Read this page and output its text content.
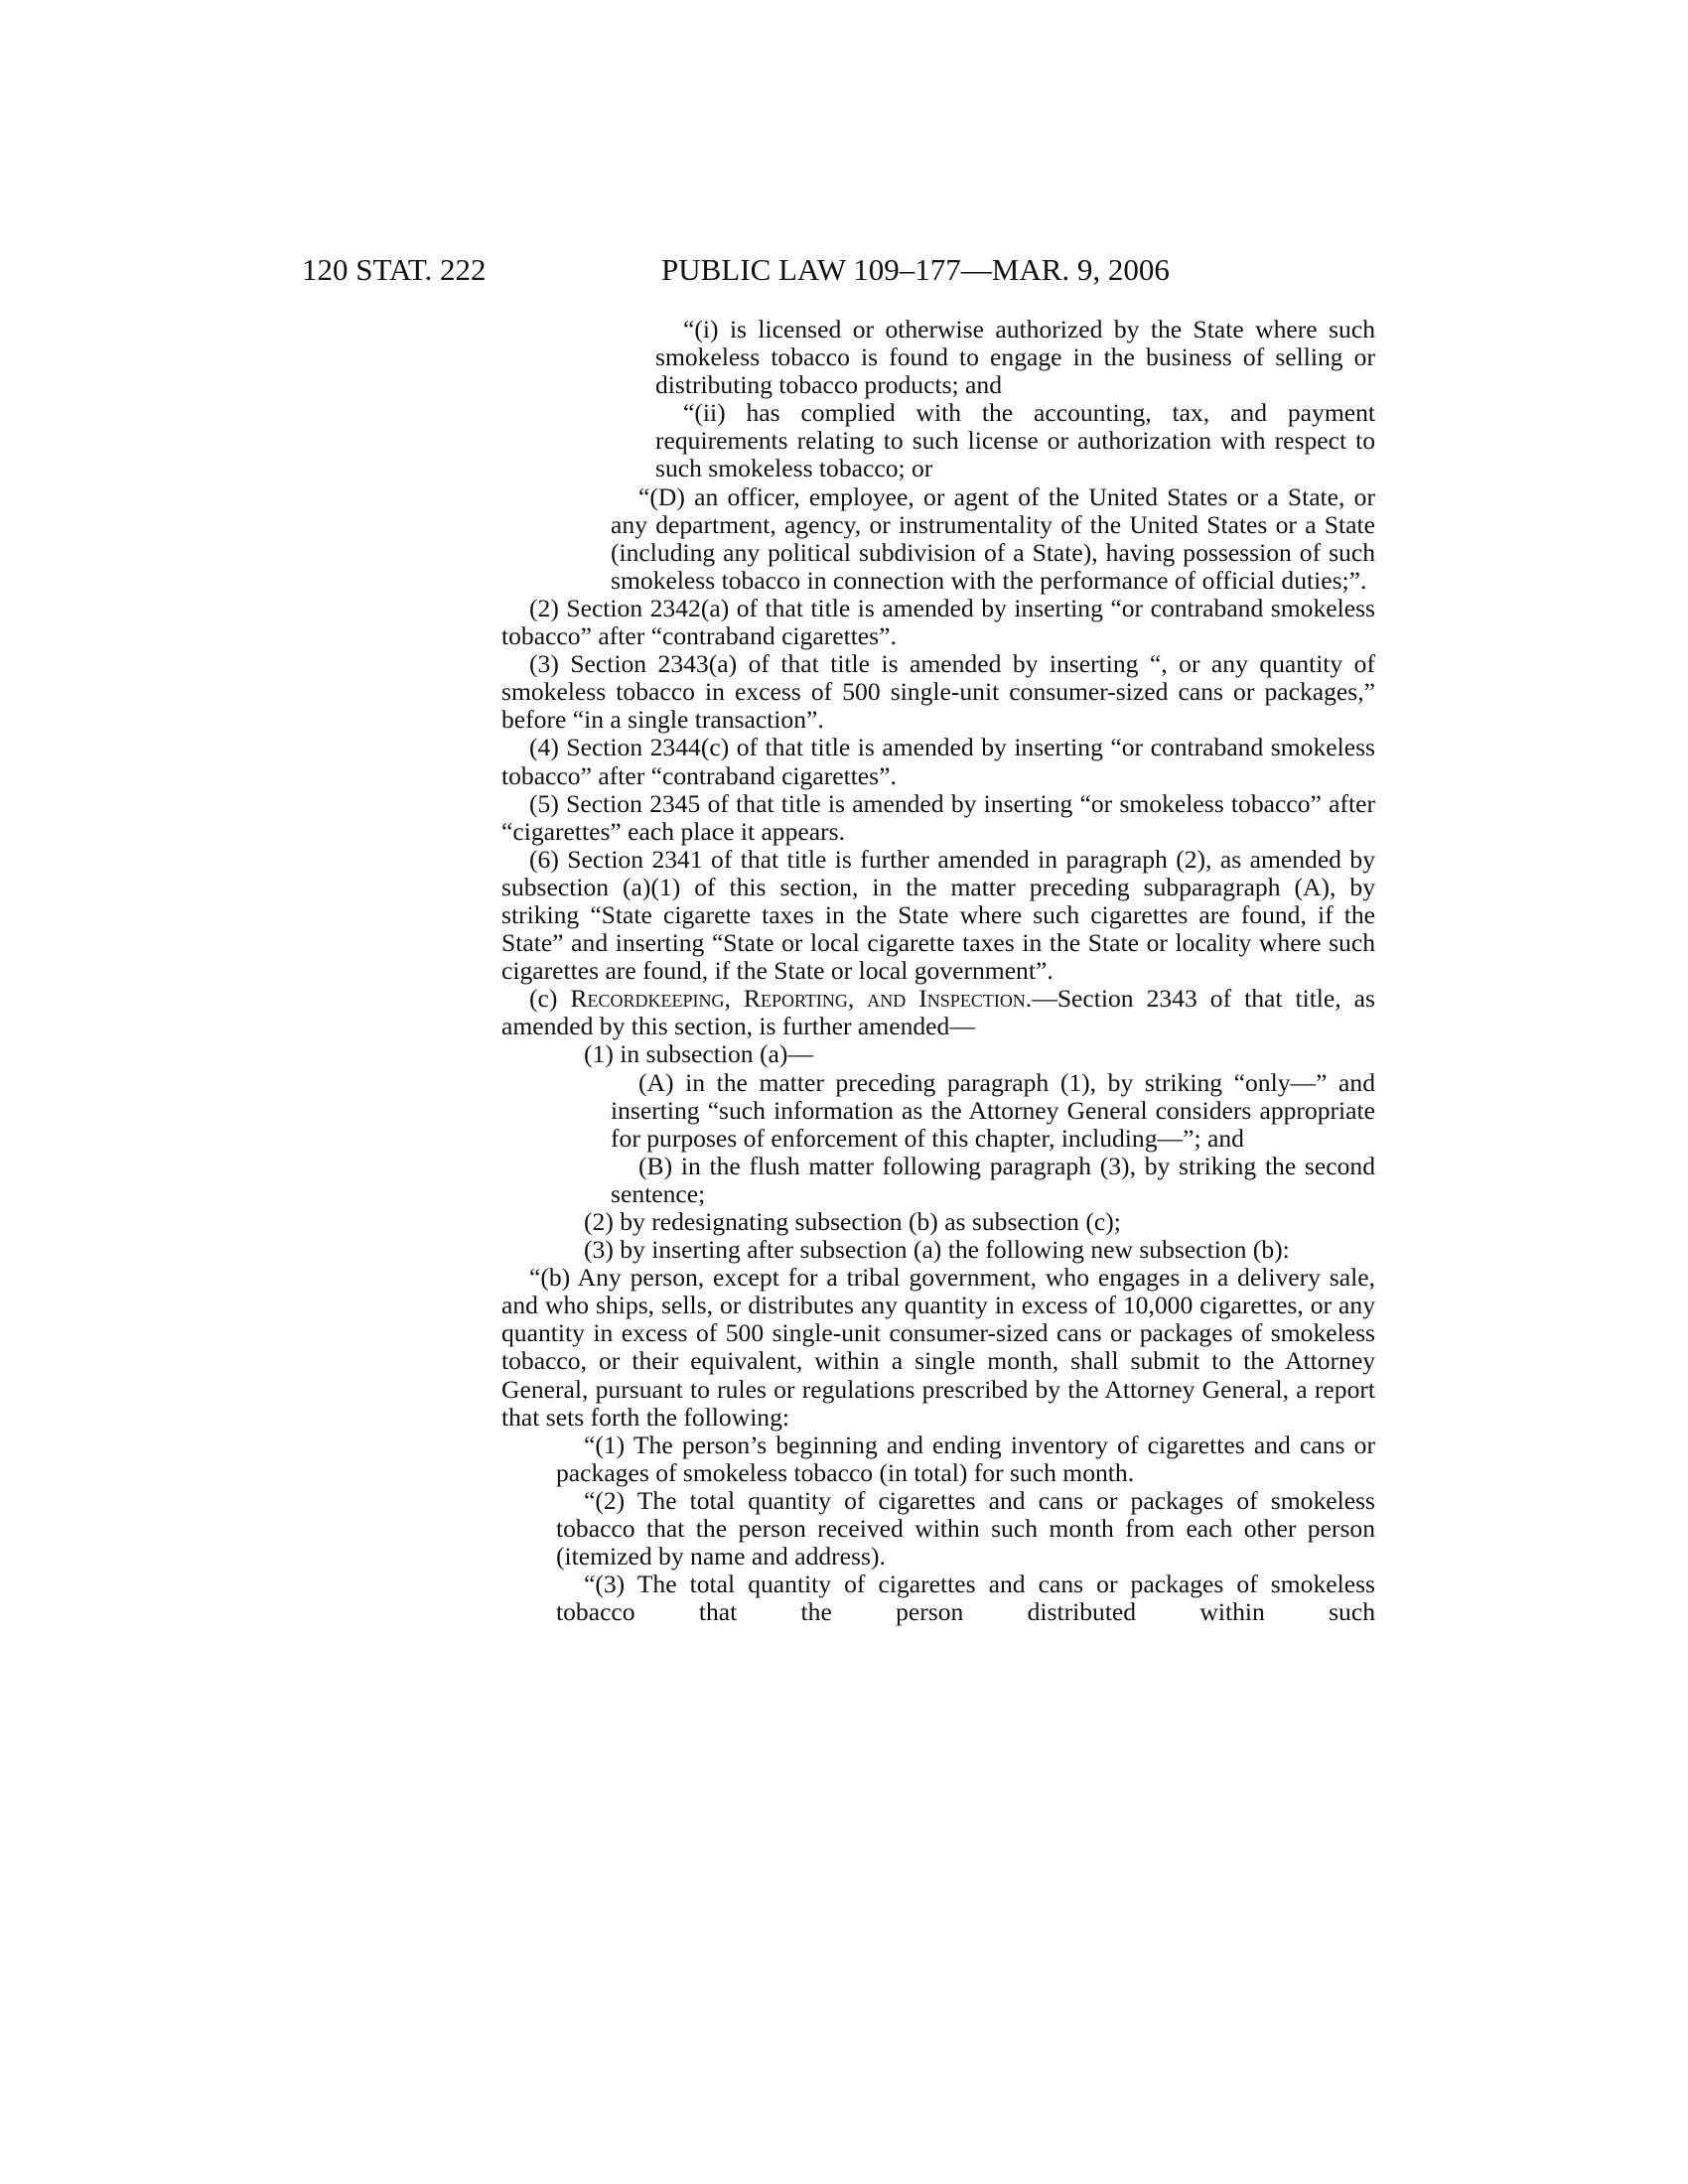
120 STAT. 222	PUBLIC LAW 109–177—MAR. 9, 2006

“(i) is licensed or otherwise authorized by the State where such smokeless tobacco is found to engage in the business of selling or distributing tobacco products; and

“(ii) has complied with the accounting, tax, and payment requirements relating to such license or authorization with respect to such smokeless tobacco; or

“(D) an officer, employee, or agent of the United States or a State, or any department, agency, or instrumentality of the United States or a State (including any political subdivision of a State), having possession of such smokeless tobacco in connection with the performance of official duties;”.

(2) Section 2342(a) of that title is amended by inserting “or contraband smokeless tobacco” after “contraband cigarettes”.

(3) Section 2343(a) of that title is amended by inserting “, or any quantity of smokeless tobacco in excess of 500 single-unit consumer-sized cans or packages,” before “in a single transaction”.

(4) Section 2344(c) of that title is amended by inserting “or contraband smokeless tobacco” after “contraband cigarettes”.

(5) Section 2345 of that title is amended by inserting “or smokeless tobacco” after “cigarettes” each place it appears.

(6) Section 2341 of that title is further amended in paragraph (2), as amended by subsection (a)(1) of this section, in the matter preceding subparagraph (A), by striking “State cigarette taxes in the State where such cigarettes are found, if the State” and inserting “State or local cigarette taxes in the State or locality where such cigarettes are found, if the State or local government”.

(c) Recordkeeping, Reporting, and Inspection.—Section 2343 of that title, as amended by this section, is further amended—

(1) in subsection (a)—

(A) in the matter preceding paragraph (1), by striking “only—” and inserting “such information as the Attorney General considers appropriate for purposes of enforcement of this chapter, including—”; and

(B) in the flush matter following paragraph (3), by striking the second sentence;

(2) by redesignating subsection (b) as subsection (c);

(3) by inserting after subsection (a) the following new subsection (b):

“(b) Any person, except for a tribal government, who engages in a delivery sale, and who ships, sells, or distributes any quantity in excess of 10,000 cigarettes, or any quantity in excess of 500 single-unit consumer-sized cans or packages of smokeless tobacco, or their equivalent, within a single month, shall submit to the Attorney General, pursuant to rules or regulations prescribed by the Attorney General, a report that sets forth the following:

“(1) The person’s beginning and ending inventory of cigarettes and cans or packages of smokeless tobacco (in total) for such month.

“(2) The total quantity of cigarettes and cans or packages of smokeless tobacco that the person received within such month from each other person (itemized by name and address).

“(3) The total quantity of cigarettes and cans or packages of smokeless tobacco that the person distributed within such
